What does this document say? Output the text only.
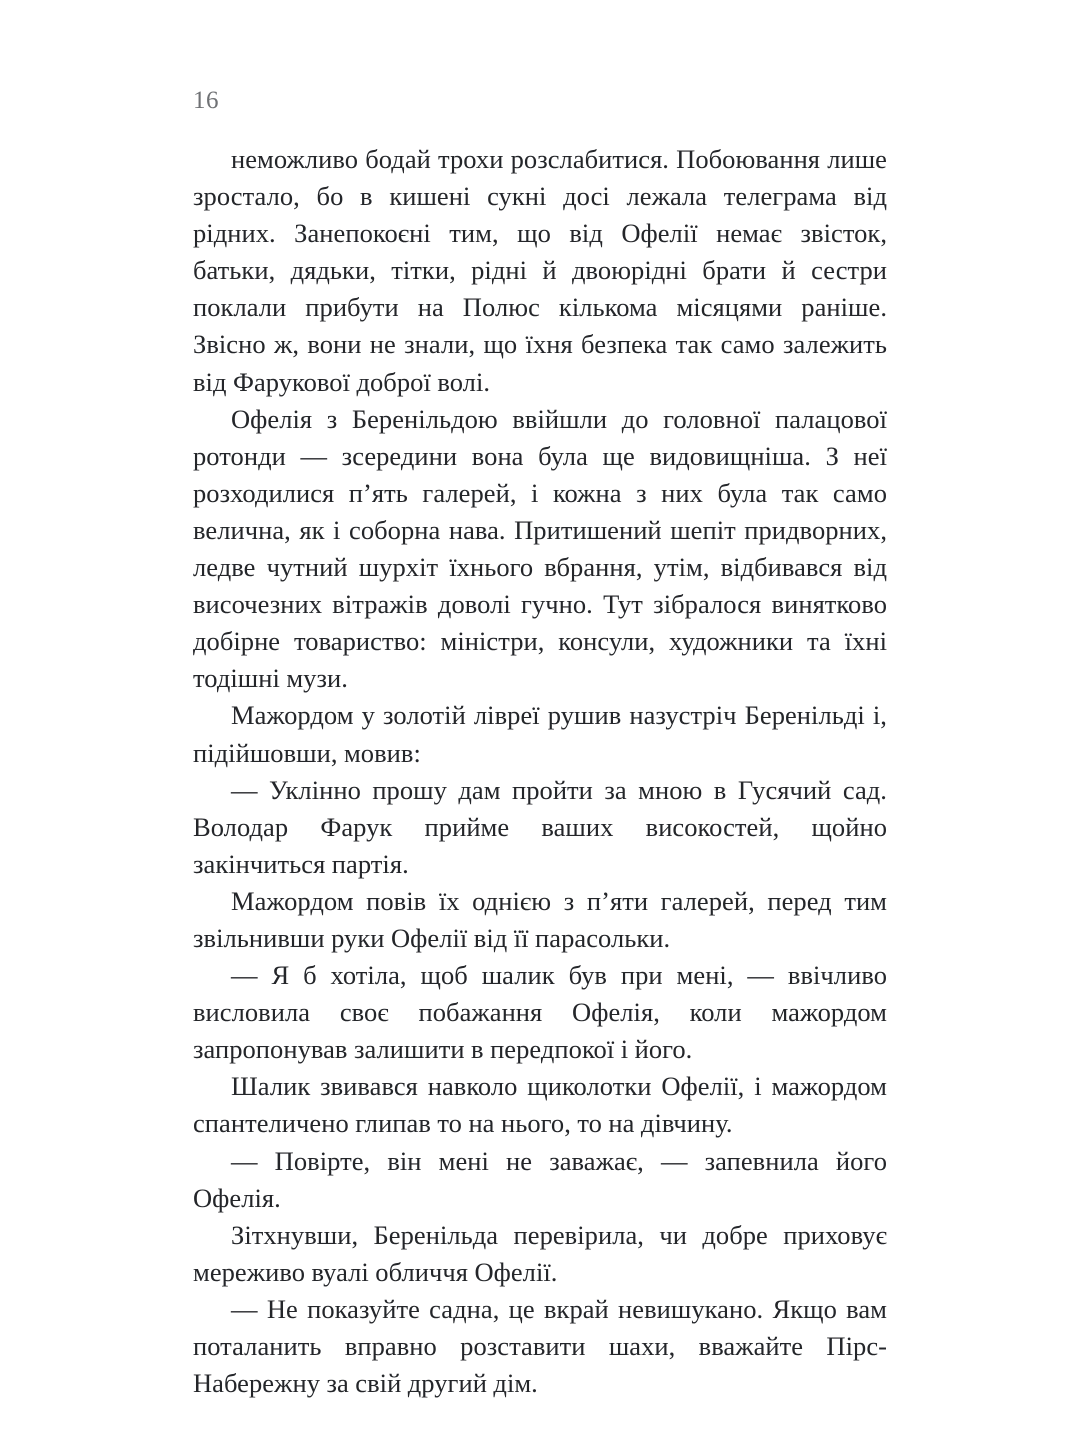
16

неможливо бодай трохи розслабитися. Побоювання лише зростало, бо в кишені сукні досі лежала телеграма від рідних. Занепокоєні тим, що від Офелії немає звісток, батьки, дядьки, тітки, рідні й двоюрідні брати й сестри поклали прибути на Полюс кількома місяцями раніше. Звісно ж, вони не знали, що їхня безпека так само залежить від Фарукової доброї волі.

Офелія з Беренільдою ввійшли до головної палацової ротонди — зсередини вона була ще видовищніша. З неї розходилися п’ять галерей, і кожна з них була так само велична, як і соборна нава. Притишений шепіт придворних, ледве чутний шурхіт їхнього вбрання, утім, відбивався від височезних вітражів доволі гучно. Тут зібралося винятково добірне товариство: міністри, консули, художники та їхні тодішні музи.

Мажордом у золотій лівреї рушив назустріч Беренільді і, підійшовши, мовив:

— Уклінно прошу дам пройти за мною в Гусячий сад. Володар Фарук прийме ваших високостей, щойно закінчиться партія.

Мажордом повів їх однією з п’яти галерей, перед тим звільнивши руки Офелії від її парасольки.

— Я б хотіла, щоб шалик був при мені, — ввічливо висловила своє побажання Офелія, коли мажордом запропонував залишити в передпокої і його.

Шалик звивався навколо щиколотки Офелії, і мажордом спантеличено глипав то на нього, то на дівчину.

— Повірте, він мені не заважає, — запевнила його Офелія.

Зітхнувши, Беренільда перевірила, чи добре приховує мереживо вуалі обличчя Офелії.

— Не показуйте садна, це вкрай невишукано. Якщо вам поталанить вправно розставити шахи, вважайте Пірс-Набережну за свій другий дім.
